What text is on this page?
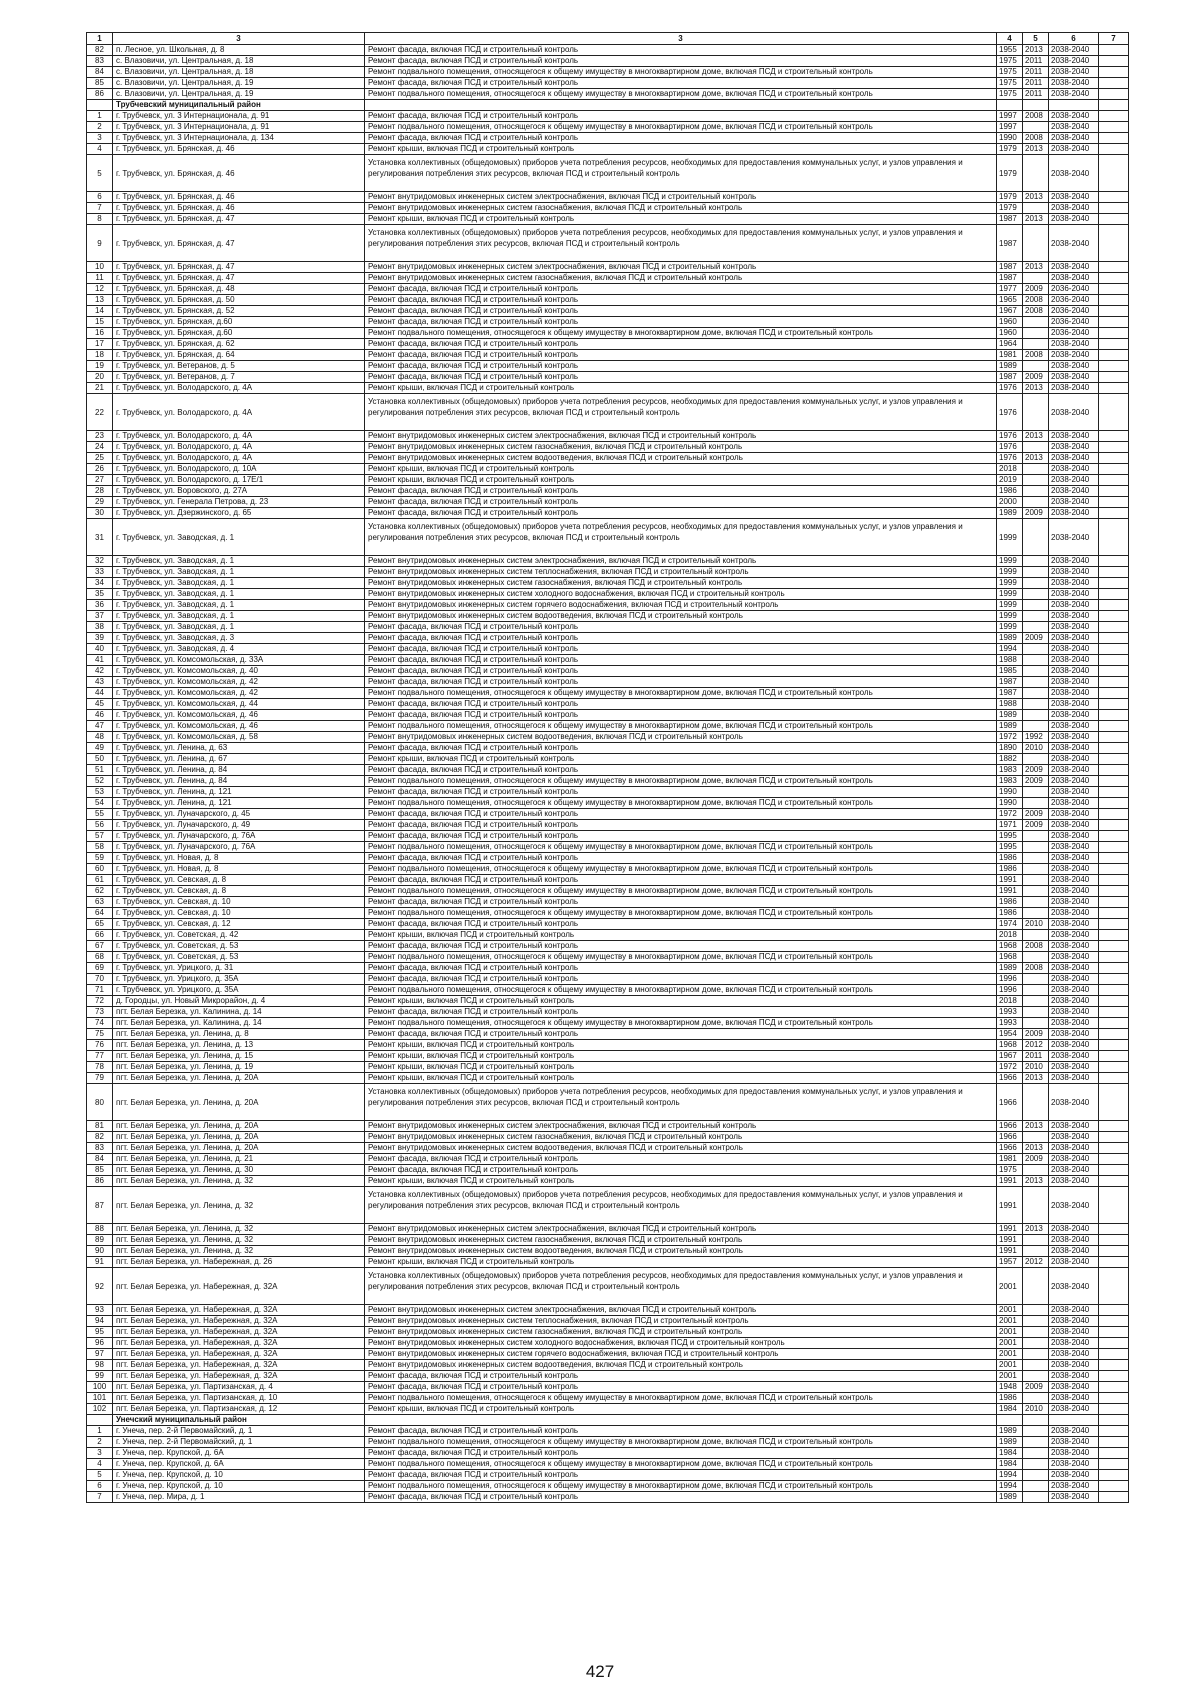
1	3	3	4	5	6	7
82	п. Лесное, ул. Школьная, д. 8	Ремонт фасада, включая ПСД и строительный контроль	1955	2013	2038-2040	
83	с. Влазовичи, ул. Центральная, д. 18	Ремонт фасада, включая ПСД и строительный контроль	1975	2011	2038-2040	
84	с. Влазовичи, ул. Центральная, д. 18	Ремонт подвального помещения, относящегося к общему имуществу в многоквартирном доме, включая ПСД и строительный контроль	1975	2011	2038-2040	
85	с. Влазовичи, ул. Центральная, д. 19	Ремонт фасада, включая ПСД и строительный контроль	1975	2011	2038-2040	
86	с. Влазовичи, ул. Центральная, д. 19	Ремонт подвального помещения, относящегося к общему имуществу в многоквартирном доме, включая ПСД и строительный контроль	1975	2011	2038-2040	
	Трубчевский муниципальный район					
1	г. Трубчевск, ул. 3 Интернационала, д. 91	Ремонт фасада, включая ПСД и строительный контроль	1997	2008	2038-2040	
2	г. Трубчевск, ул. 3 Интернационала, д. 91	Ремонт подвального помещения, относящегося к общему имуществу в многоквартирном доме, включая ПСД и строительный контроль	1997		2038-2040	
3	г. Трубчевск, ул. 3 Интернационала, д. 134	Ремонт фасада, включая ПСД и строительный контроль	1990	2008	2038-2040	
4	г. Трубчевск, ул. Брянская, д. 46	Ремонт крыши, включая ПСД и строительный контроль	1979	2013	2038-2040	
5	г. Трубчевск, ул. Брянская, д. 46	Установка коллективных (общедомовых) приборов учета потребления ресурсов, необходимых для предоставления коммунальных услуг, и узлов управления и регулирования потребления этих ресурсов, включая ПСД и строительный контроль	1979		2038-2040	
6	г. Трубчевск, ул. Брянская, д. 46	Ремонт внутридомовых инженерных систем электроснабжения, включая ПСД и строительный контроль	1979	2013	2038-2040	
7	г. Трубчевск, ул. Брянская, д. 46	Ремонт внутридомовых инженерных систем газоснабжения, включая ПСД и строительный контроль	1979		2038-2040	
8	г. Трубчевск, ул. Брянская, д. 47	Ремонт крыши, включая ПСД и строительный контроль	1987	2013	2038-2040	
9	г. Трубчевск, ул. Брянская, д. 47	Установка коллективных (общедомовых) приборов учета потребления ресурсов, необходимых для предоставления коммунальных услуг, и узлов управления и регулирования потребления этих ресурсов, включая ПСД и строительный контроль	1987		2038-2040	
10	г. Трубчевск, ул. Брянская, д. 47	Ремонт внутридомовых инженерных систем электроснабжения, включая ПСД и строительный контроль	1987	2013	2038-2040	
11	г. Трубчевск, ул. Брянская, д. 47	Ремонт внутридомовых инженерных систем газоснабжения, включая ПСД и строительный контроль	1987		2038-2040	
12	г. Трубчевск, ул. Брянская, д. 48	Ремонт фасада, включая ПСД и строительный контроль	1977	2009	2036-2040	
13	г. Трубчевск, ул. Брянская, д. 50	Ремонт фасада, включая ПСД и строительный контроль	1965	2008	2036-2040	
14	г. Трубчевск, ул. Брянская, д. 52	Ремонт фасада, включая ПСД и строительный контроль	1967	2008	2036-2040	
15	г. Трубчевск, ул. Брянская, д.60	Ремонт фасада, включая ПСД и строительный контроль	1960		2036-2040	
16	г. Трубчевск, ул. Брянская, д.60	Ремонт подвального помещения, относящегося к общему имуществу в многоквартирном доме, включая ПСД и строительный контроль	1960		2036-2040	
17	г. Трубчевск, ул. Брянская, д. 62	Ремонт фасада, включая ПСД и строительный контроль	1964		2038-2040	
18	г. Трубчевск, ул. Брянская, д. 64	Ремонт фасада, включая ПСД и строительный контроль	1981	2008	2038-2040	
19	г. Трубчевск, ул. Ветеранов, д. 5	Ремонт фасада, включая ПСД и строительный контроль	1989		2038-2040	
20	г. Трубчевск, ул. Ветеранов, д. 7	Ремонт фасада, включая ПСД и строительный контроль	1987	2009	2038-2040	
21	г. Трубчевск, ул. Володарского, д. 4А	Ремонт крыши, включая ПСД и строительный контроль	1976	2013	2038-2040	
22	г. Трубчевск, ул. Володарского, д. 4А	Установка коллективных (общедомовых) приборов учета потребления ресурсов, необходимых для предоставления коммунальных услуг, и узлов управления и регулирования потребления этих ресурсов, включая ПСД и строительный контроль	1976		2038-2040	
23	г. Трубчевск, ул. Володарского, д. 4А	Ремонт внутридомовых инженерных систем электроснабжения, включая ПСД и строительный контроль	1976	2013	2038-2040	
24	г. Трубчевск, ул. Володарского, д. 4А	Ремонт внутридомовых инженерных систем газоснабжения, включая ПСД и строительный контроль	1976		2038-2040	
25	г. Трубчевск, ул. Володарского, д. 4А	Ремонт внутридомовых инженерных систем водоотведения, включая ПСД и строительный контроль	1976	2013	2038-2040	
26	г. Трубчевск, ул. Володарского, д. 10А	Ремонт крыши, включая ПСД и строительный контроль	2018		2038-2040	
27	г. Трубчевск, ул. Володарского, д. 17Е/1	Ремонт крыши, включая ПСД и строительный контроль	2019		2038-2040	
28	г. Трубчевск, ул. Воровского, д. 27А	Ремонт фасада, включая ПСД и строительный контроль	1986		2038-2040	
29	г. Трубчевск, ул. Генерала Петрова, д. 23	Ремонт фасада, включая ПСД и строительный контроль	2000		2038-2040	
30	г. Трубчевск, ул. Дзержинского, д. 65	Ремонт фасада, включая ПСД и строительный контроль	1989	2009	2038-2040	
31	г. Трубчевск, ул. Заводская, д. 1	Установка коллективных (общедомовых) приборов учета потребления ресурсов, необходимых для предоставления коммунальных услуг, и узлов управления и регулирования потребления этих ресурсов, включая ПСД и строительный контроль	1999		2038-2040	
32	г. Трубчевск, ул. Заводская, д. 1	Ремонт внутридомовых инженерных систем электроснабжения, включая ПСД и строительный контроль	1999		2038-2040	
33	г. Трубчевск, ул. Заводская, д. 1	Ремонт внутридомовых инженерных систем теплоснабжения, включая ПСД и строительный контроль	1999		2038-2040	
34	г. Трубчевск, ул. Заводская, д. 1	Ремонт внутридомовых инженерных систем газоснабжения, включая ПСД и строительный контроль	1999		2038-2040	
35	г. Трубчевск, ул. Заводская, д. 1	Ремонт внутридомовых инженерных систем холодного водоснабжения, включая ПСД и строительный контроль	1999		2038-2040	
36	г. Трубчевск, ул. Заводская, д. 1	Ремонт внутридомовых инженерных систем горячего водоснабжения, включая ПСД и строительный контроль	1999		2038-2040	
37	г. Трубчевск, ул. Заводская, д. 1	Ремонт внутридомовых инженерных систем водоотведения, включая ПСД и строительный контроль	1999		2038-2040	
38	г. Трубчевск, ул. Заводская, д. 1	Ремонт фасада, включая ПСД и строительный контроль	1999		2038-2040	
39	г. Трубчевск, ул. Заводская, д. 3	Ремонт фасада, включая ПСД и строительный контроль	1989	2009	2038-2040	
40	г. Трубчевск, ул. Заводская, д. 4	Ремонт фасада, включая ПСД и строительный контроль	1994		2038-2040	
41	г. Трубчевск, ул. Комсомольская, д. 33А	Ремонт фасада, включая ПСД и строительный контроль	1988		2038-2040	
42	г. Трубчевск, ул. Комсомольская, д. 40	Ремонт фасада, включая ПСД и строительный контроль	1985		2038-2040	
43	г. Трубчевск, ул. Комсомольская, д. 42	Ремонт фасада, включая ПСД и строительный контроль	1987		2038-2040	
44	г. Трубчевск, ул. Комсомольская, д. 42	Ремонт подвального помещения, относящегося к общему имуществу в многоквартирном доме, включая ПСД и строительный контроль	1987		2038-2040	
45	г. Трубчевск, ул. Комсомольская, д. 44	Ремонт фасада, включая ПСД и строительный контроль	1988		2038-2040	
46	г. Трубчевск, ул. Комсомольская, д. 46	Ремонт фасада, включая ПСД и строительный контроль	1989		2038-2040	
47	г. Трубчевск, ул. Комсомольская, д. 46	Ремонт подвального помещения, относящегося к общему имуществу в многоквартирном доме, включая ПСД и строительный контроль	1989		2038-2040	
48	г. Трубчевск, ул. Комсомольская, д. 58	Ремонт внутридомовых инженерных систем водоотведения, включая ПСД и строительный контроль	1972	1992	2038-2040	
49	г. Трубчевск, ул. Ленина, д. 63	Ремонт фасада, включая ПСД и строительный контроль	1890	2010	2038-2040	
50	г. Трубчевск, ул. Ленина, д. 67	Ремонт крыши, включая ПСД и строительный контроль	1882		2038-2040	
51	г. Трубчевск, ул. Ленина, д. 84	Ремонт фасада, включая ПСД и строительный контроль	1983	2009	2038-2040	
52	г. Трубчевск, ул. Ленина, д. 84	Ремонт подвального помещения, относящегося к общему имуществу в многоквартирном доме, включая ПСД и строительный контроль	1983	2009	2038-2040	
53	г. Трубчевск, ул. Ленина, д. 121	Ремонт фасада, включая ПСД и строительный контроль	1990		2038-2040	
54	г. Трубчевск, ул. Ленина, д. 121	Ремонт подвального помещения, относящегося к общему имуществу в многоквартирном доме, включая ПСД и строительный контроль	1990		2038-2040	
55	г. Трубчевск, ул. Луначарского, д. 45	Ремонт фасада, включая ПСД и строительный контроль	1972	2009	2038-2040	
56	г. Трубчевск, ул. Луначарского, д. 49	Ремонт фасада, включая ПСД и строительный контроль	1971	2009	2038-2040	
57	г. Трубчевск, ул. Луначарского, д. 76А	Ремонт фасада, включая ПСД и строительный контроль	1995		2038-2040	
58	г. Трубчевск, ул. Луначарского, д. 76А	Ремонт подвального помещения, относящегося к общему имуществу в многоквартирном доме, включая ПСД и строительный контроль	1995		2038-2040	
59	г. Трубчевск, ул. Новая, д. 8	Ремонт фасада, включая ПСД и строительный контроль	1986		2038-2040	
60	г. Трубчевск, ул. Новая, д. 8	Ремонт подвального помещения, относящегося к общему имуществу в многоквартирном доме, включая ПСД и строительный контроль	1986		2038-2040	
61	г. Трубчевск, ул. Севская, д. 8	Ремонт фасада, включая ПСД и строительный контроль	1991		2038-2040	
62	г. Трубчевск, ул. Севская, д. 8	Ремонт подвального помещения, относящегося к общему имуществу в многоквартирном доме, включая ПСД и строительный контроль	1991		2038-2040	
63	г. Трубчевск, ул. Севская, д. 10	Ремонт фасада, включая ПСД и строительный контроль	1986		2038-2040	
64	г. Трубчевск, ул. Севская, д. 10	Ремонт подвального помещения, относящегося к общему имуществу в многоквартирном доме, включая ПСД и строительный контроль	1986		2038-2040	
65	г. Трубчевск, ул. Севская, д. 12	Ремонт фасада, включая ПСД и строительный контроль	1974	2010	2038-2040	
66	г. Трубчевск, ул. Советская, д. 42	Ремонт крыши, включая ПСД и строительный контроль	2018		2038-2040	
67	г. Трубчевск, ул. Советская, д. 53	Ремонт фасада, включая ПСД и строительный контроль	1968	2008	2038-2040	
68	г. Трубчевск, ул. Советская, д. 53	Ремонт подвального помещения, относящегося к общему имуществу в многоквартирном доме, включая ПСД и строительный контроль	1968		2038-2040	
69	г. Трубчевск, ул. Урицкого, д. 31	Ремонт фасада, включая ПСД и строительный контроль	1989	2008	2038-2040	
70	г. Трубчевск, ул. Урицкого, д. 35А	Ремонт фасада, включая ПСД и строительный контроль	1996		2038-2040	
71	г. Трубчевск, ул. Урицкого, д. 35А	Ремонт подвального помещения, относящегося к общему имуществу в многоквартирном доме, включая ПСД и строительный контроль	1996		2038-2040	
72	д. Городцы, ул. Новый Микрорайон, д. 4	Ремонт крыши, включая ПСД и строительный контроль	2018		2038-2040	
73	пгт. Белая Березка, ул. Калинина, д. 14	Ремонт фасада, включая ПСД и строительный контроль	1993		2038-2040	
74	пгт. Белая Березка, ул. Калинина, д. 14	Ремонт подвального помещения, относящегося к общему имуществу в многоквартирном доме, включая ПСД и строительный контроль	1993		2038-2040	
75	пгт. Белая Березка, ул. Ленина, д. 8	Ремонт фасада, включая ПСД и строительный контроль	1954	2009	2038-2040	
76	пгт. Белая Березка, ул. Ленина, д. 13	Ремонт крыши, включая ПСД и строительный контроль	1968	2012	2038-2040	
77	пгт. Белая Березка, ул. Ленина, д. 15	Ремонт крыши, включая ПСД и строительный контроль	1967	2011	2038-2040	
78	пгт. Белая Березка, ул. Ленина, д. 19	Ремонт крыши, включая ПСД и строительный контроль	1972	2010	2038-2040	
79	пгт. Белая Березка, ул. Ленина, д. 20А	Ремонт крыши, включая ПСД и строительный контроль	1966	2013	2038-2040	
80	пгт. Белая Березка, ул. Ленина, д. 20А	Установка коллективных (общедомовых) приборов учета потребления ресурсов, необходимых для предоставления коммунальных услуг, и узлов управления и регулирования потребления этих ресурсов, включая ПСД и строительный контроль	1966		2038-2040	
81	пгт. Белая Березка, ул. Ленина, д. 20А	Ремонт внутридомовых инженерных систем электроснабжения, включая ПСД и строительный контроль	1966	2013	2038-2040	
82	пгт. Белая Березка, ул. Ленина, д. 20А	Ремонт внутридомовых инженерных систем газоснабжения, включая ПСД и строительный контроль	1966		2038-2040	
83	пгт. Белая Березка, ул. Ленина, д. 20А	Ремонт внутридомовых инженерных систем водоотведения, включая ПСД и строительный контроль	1966	2013	2038-2040	
84	пгт. Белая Березка, ул. Ленина, д. 21	Ремонт фасада, включая ПСД и строительный контроль	1981	2009	2038-2040	
85	пгт. Белая Березка, ул. Ленина, д. 30	Ремонт фасада, включая ПСД и строительный контроль	1975		2038-2040	
86	пгт. Белая Березка, ул. Ленина, д. 32	Ремонт крыши, включая ПСД и строительный контроль	1991	2013	2038-2040	
87	пгт. Белая Березка, ул. Ленина, д. 32	Установка коллективных (общедомовых) приборов учета потребления ресурсов, необходимых для предоставления коммунальных услуг, и узлов управления и регулирования потребления этих ресурсов, включая ПСД и строительный контроль	1991		2038-2040	
88	пгт. Белая Березка, ул. Ленина, д. 32	Ремонт внутридомовых инженерных систем электроснабжения, включая ПСД и строительный контроль	1991	2013	2038-2040	
89	пгт. Белая Березка, ул. Ленина, д. 32	Ремонт внутридомовых инженерных систем газоснабжения, включая ПСД и строительный контроль	1991		2038-2040	
90	пгт. Белая Березка, ул. Ленина, д. 32	Ремонт внутридомовых инженерных систем водоотведения, включая ПСД и строительный контроль	1991		2038-2040	
91	пгт. Белая Березка, ул. Набережная, д. 26	Ремонт крыши, включая ПСД и строительный контроль	1957	2012	2038-2040	
92	пгт. Белая Березка, ул. Набережная, д. 32А	Установка коллективных (общедомовых) приборов учета потребления ресурсов, необходимых для предоставления коммунальных услуг, и узлов управления и регулирования потребления этих ресурсов, включая ПСД и строительный контроль	2001		2038-2040	
93	пгт. Белая Березка, ул. Набережная, д. 32А	Ремонт внутридомовых инженерных систем электроснабжения, включая ПСД и строительный контроль	2001		2038-2040	
94	пгт. Белая Березка, ул. Набережная, д. 32А	Ремонт внутридомовых инженерных систем теплоснабжения, включая ПСД и строительный контроль	2001		2038-2040	
95	пгт. Белая Березка, ул. Набережная, д. 32А	Ремонт внутридомовых инженерных систем газоснабжения, включая ПСД и строительный контроль	2001		2038-2040	
96	пгт. Белая Березка, ул. Набережная, д. 32А	Ремонт внутридомовых инженерных систем холодного водоснабжения, включая ПСД и строительный контроль	2001		2038-2040	
97	пгт. Белая Березка, ул. Набережная, д. 32А	Ремонт внутридомовых инженерных систем горячего водоснабжения, включая ПСД и строительный контроль	2001		2038-2040	
98	пгт. Белая Березка, ул. Набережная, д. 32А	Ремонт внутридомовых инженерных систем водоотведения, включая ПСД и строительный контроль	2001		2038-2040	
99	пгт. Белая Березка, ул. Набережная, д. 32А	Ремонт фасада, включая ПСД и строительный контроль	2001		2038-2040	
100	пгт. Белая Березка, ул. Партизанская, д. 4	Ремонт фасада, включая ПСД и строительный контроль	1948	2009	2038-2040	
101	пгт. Белая Березка, ул. Партизанская, д. 10	Ремонт подвального помещения, относящегося к общему имуществу в многоквартирном доме, включая ПСД и строительный контроль	1986		2038-2040	
102	пгт. Белая Березка, ул. Партизанская, д. 12	Ремонт крыши, включая ПСД и строительный контроль	1984	2010	2038-2040	
	Унечский муниципальный район					
1	г. Унеча, пер. 2-й Первомайский, д. 1	Ремонт фасада, включая ПСД и строительный контроль	1989		2038-2040	
2	г. Унеча, пер. 2-й Первомайский, д. 1	Ремонт подвального помещения, относящегося к общему имуществу в многоквартирном доме, включая ПСД и строительный контроль	1989		2038-2040	
3	г. Унеча, пер. Крупской, д. 6А	Ремонт фасада, включая ПСД и строительный контроль	1984		2038-2040	
4	г. Унеча, пер. Крупской, д. 6А	Ремонт подвального помещения, относящегося к общему имуществу в многоквартирном доме, включая ПСД и строительный контроль	1984		2038-2040	
5	г. Унеча, пер. Крупской, д. 10	Ремонт фасада, включая ПСД и строительный контроль	1994		2038-2040	
6	г. Унеча, пер. Крупской, д. 10	Ремонт подвального помещения, относящегося к общему имуществу в многоквартирном доме, включая ПСД и строительный контроль	1994		2038-2040	
7	г. Унеча, пер. Мира, д. 1	Ремонт фасада, включая ПСД и строительный контроль	1989		2038-2040	
427
